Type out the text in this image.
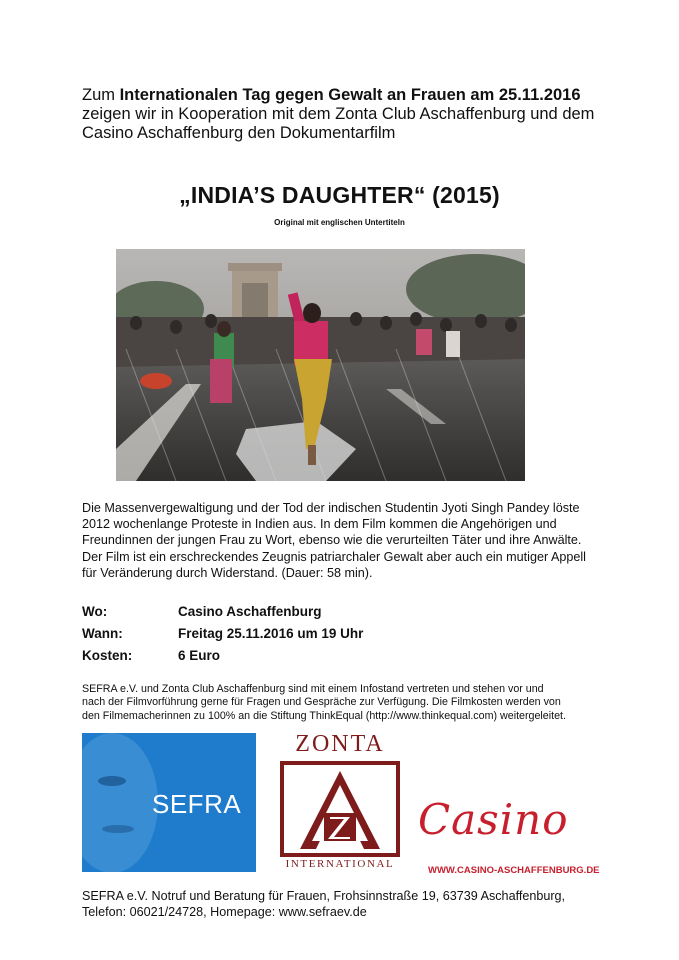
Zum Internationalen Tag gegen Gewalt an Frauen am 25.11.2016
zeigen wir in Kooperation mit dem Zonta Club Aschaffenburg und dem
Casino Aschaffenburg den Dokumentarfilm
„INDIA’S DAUGHTER“ (2015)
Original mit englischen Untertiteln
Die Massenvergewaltigung und der Tod der indischen Studentin Jyoti Singh Pandey löste
2012 wochenlange Proteste in Indien aus. In dem Film kommen die Angehörigen und
Freundinnen der jungen Frau zu Wort, ebenso wie die verurteilten Täter und ihre Anwälte.
Der Film ist ein erschreckendes Zeugnis patriarchaler Gewalt aber auch ein mutiger Appell
für Veränderung durch Widerstand. (Dauer: 58 min).
Wo:	Casino Aschaffenburg
Wann:	Freitag 25.11.2016 um 19 Uhr
Kosten:	6 Euro
SEFRA e.V. und Zonta Club Aschaffenburg sind mit einem Infostand vertreten und stehen vor und
nach der Filmvorführung gerne für Fragen und Gespräche zur Verfügung. Die Filmkosten werden von
den Filmemacherinnen zu 100% an die Stiftung ThinkEqual (http://www.thinkequal.com) weitergeleitet.
SEFRA
ZONTA
INTERNATIONAL
Casino
WWW.CASINO-ASCHAFFENBURG.DE
SEFRA e.V. Notruf und Beratung für Frauen, Frohsinnstraße 19, 63739 Aschaffenburg,
Telefon: 06021/24728, Homepage: www.sefraev.de
